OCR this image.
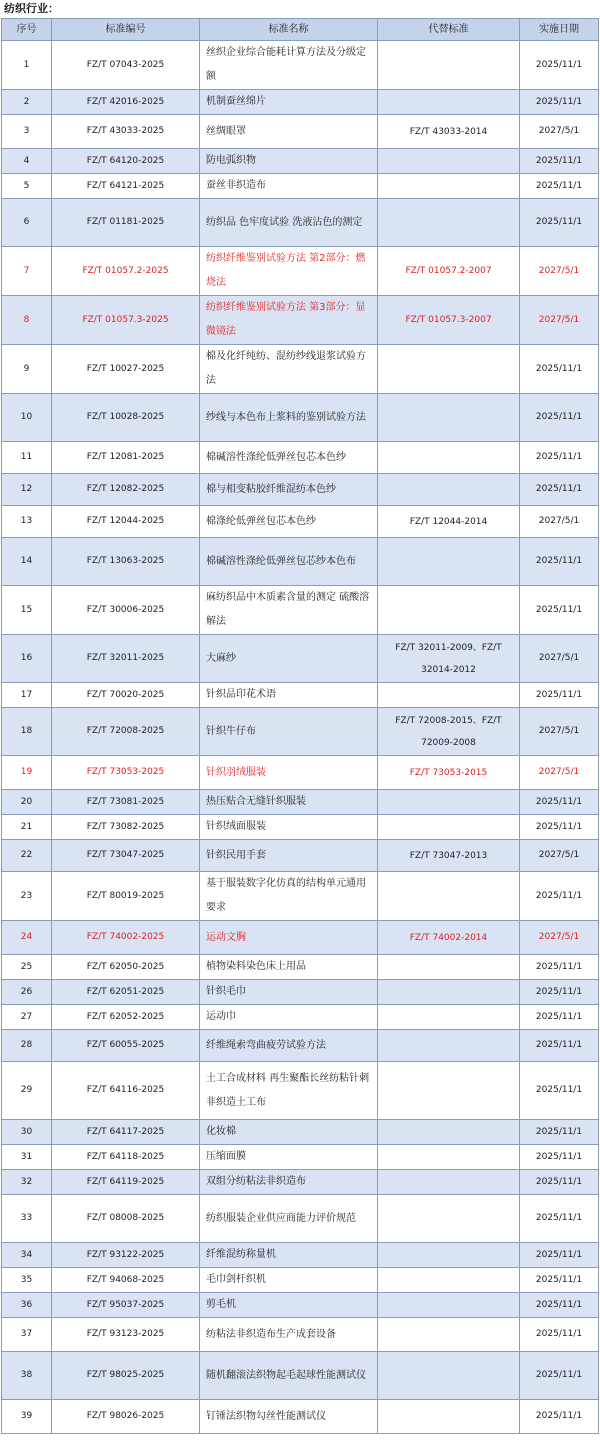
纺织行业：
序号	标准编号	标准名称	代替标准	实施日期
1	FZ/T 07043-2025	丝织企业综合能耗计算方法及分级定额		2025/11/1
2	FZ/T 42016-2025	机制蚕丝绵片		2025/11/1
3	FZ/T 43033-2025	丝绸眼罩	FZ/T 43033-2014	2027/5/1
4	FZ/T 64120-2025	防电弧织物		2025/11/1
5	FZ/T 64121-2025	蚕丝非织造布		2025/11/1
6	FZ/T 01181-2025	纺织品 色牢度试验 洗液沾色的测定		2025/11/1
7	FZ/T 01057.2-2025	纺织纤维鉴别试验方法 第2部分：燃烧法	FZ/T 01057.2-2007	2027/5/1
8	FZ/T 01057.3-2025	纺织纤维鉴别试验方法 第3部分：显微镜法	FZ/T 01057.3-2007	2027/5/1
9	FZ/T 10027-2025	棉及化纤纯纺、混纺纱线退浆试验方法		2025/11/1
10	FZ/T 10028-2025	纱线与本色布上浆料的鉴别试验方法		2025/11/1
11	FZ/T 12081-2025	棉碱溶性涤纶低弹丝包芯本色纱		2025/11/1
12	FZ/T 12082-2025	棉与相变粘胶纤维混纺本色纱		2025/11/1
13	FZ/T 12044-2025	棉涤纶低弹丝包芯本色纱	FZ/T 12044-2014	2027/5/1
14	FZ/T 13063-2025	棉碱溶性涤纶低弹丝包芯纱本色布		2025/11/1
15	FZ/T 30006-2025	麻纺织品中木质素含量的测定 硫酸溶解法		2025/11/1
16	FZ/T 32011-2025	大麻纱	FZ/T 32011-2009、FZ/T 32014-2012	2027/5/1
17	FZ/T 70020-2025	针织品印花术语		2025/11/1
18	FZ/T 72008-2025	针织牛仔布	FZ/T 72008-2015、FZ/T 72009-2008	2027/5/1
19	FZ/T 73053-2025	针织羽绒服装	FZ/T 73053-2015	2027/5/1
20	FZ/T 73081-2025	热压贴合无缝针织服装		2025/11/1
21	FZ/T 73082-2025	针织绒面服装		2025/11/1
22	FZ/T 73047-2025	针织民用手套	FZ/T 73047-2013	2027/5/1
23	FZ/T 80019-2025	基于服装数字化仿真的结构单元通用要求		2025/11/1
24	FZ/T 74002-2025	运动文胸	FZ/T 74002-2014	2027/5/1
25	FZ/T 62050-2025	植物染料染色床上用品		2025/11/1
26	FZ/T 62051-2025	针织毛巾		2025/11/1
27	FZ/T 62052-2025	运动巾		2025/11/1
28	FZ/T 60055-2025	纤维绳索弯曲疲劳试验方法		2025/11/1
29	FZ/T 64116-2025	土工合成材料 再生聚酯长丝纺粘针刺非织造土工布		2025/11/1
30	FZ/T 64117-2025	化妆棉		2025/11/1
31	FZ/T 64118-2025	压缩面膜		2025/11/1
32	FZ/T 64119-2025	双组分纺粘法非织造布		2025/11/1
33	FZ/T 08008-2025	纺织服装企业供应商能力评价规范		2025/11/1
34	FZ/T 93122-2025	纤维混纺称量机		2025/11/1
35	FZ/T 94068-2025	毛巾剑杆织机		2025/11/1
36	FZ/T 95037-2025	剪毛机		2025/11/1
37	FZ/T 93123-2025	纺粘法非织造布生产成套设备		2025/11/1
38	FZ/T 98025-2025	随机翻滚法织物起毛起球性能测试仪		2025/11/1
39	FZ/T 98026-2025	钉锤法织物勾丝性能测试仪		2025/11/1
